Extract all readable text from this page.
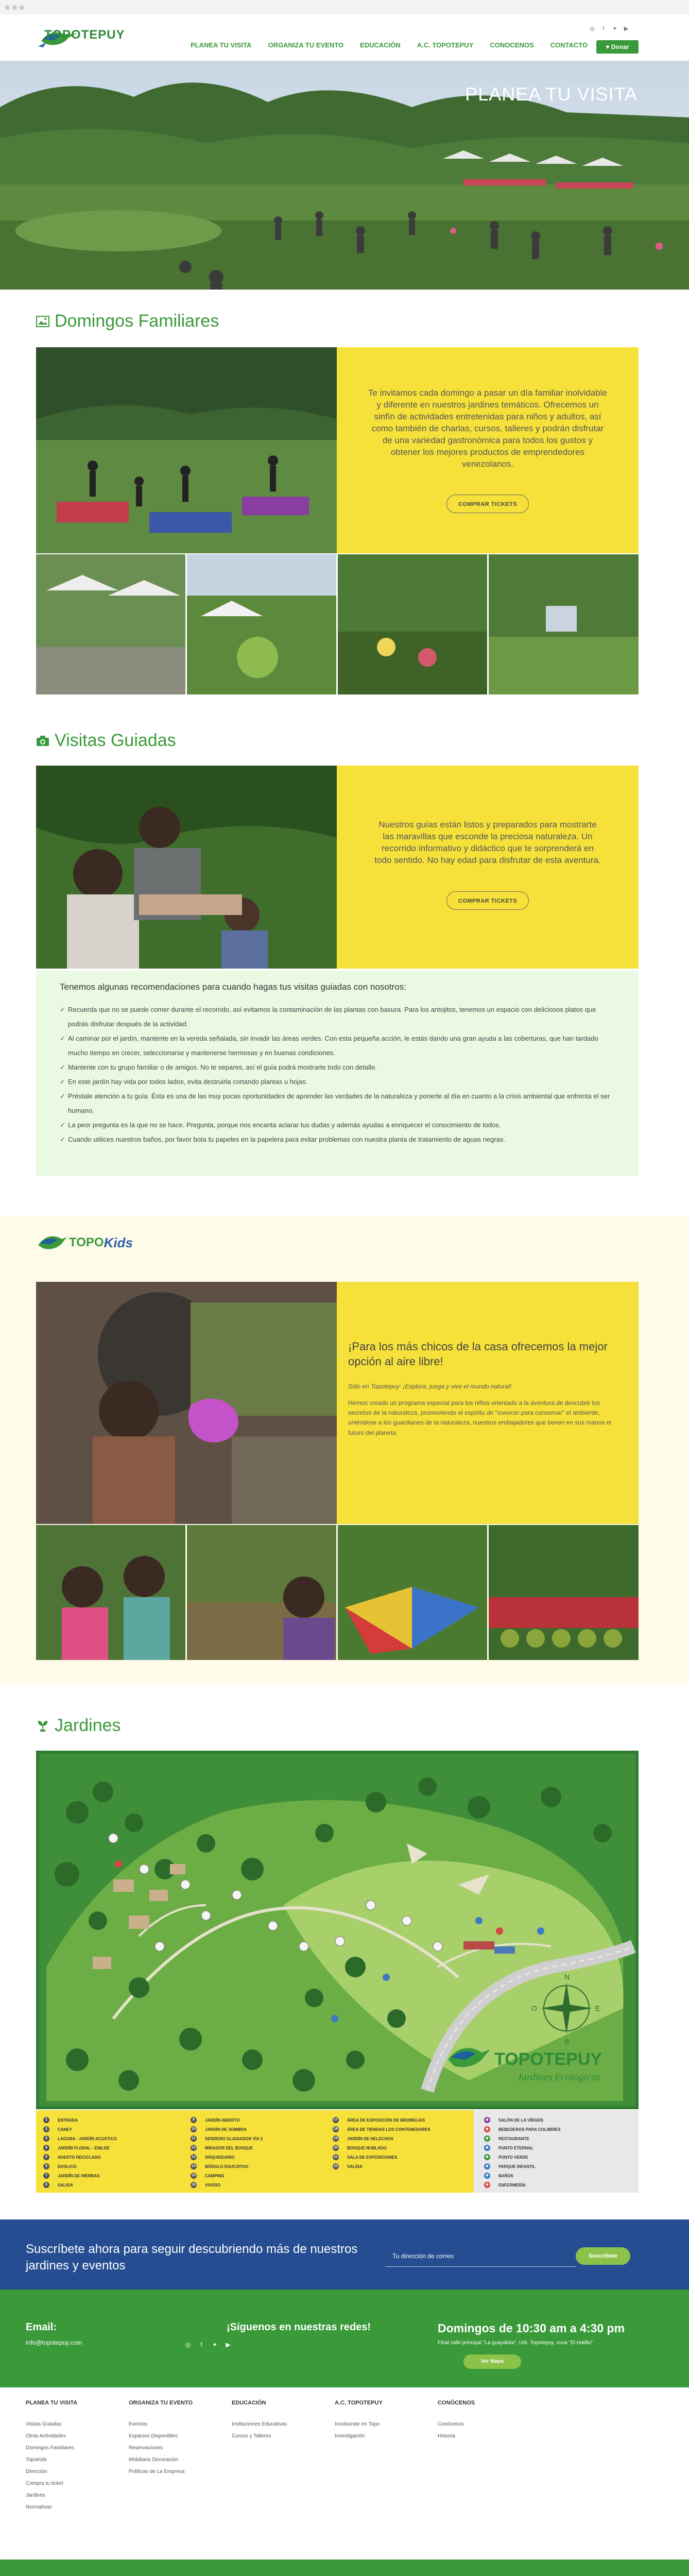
TOPOTEPUY
PLANEA TU VISITA ORGANIZA TU EVENTO EDUCACIÓN A.C. TOPOTEPUY CONOCENOS CONTACTO
◎	f	✦ ▶
♥ Donar
PLANEA TU VISITA
Domingos Familiares

Te invitamos cada domingo a pasar un día familiar inolvidable y diferente en nuestros jardines temáticos. Ofrecemos un sinfín de actividades entretenidas para niños y adultos, así como también de charlas, cursos, talleres y podrán disfrutar de una variedad gastronómica para todos los gustos y obtener los mejores productos de emprendedores venezolanos.

COMPRAR TICKETS
Visitas Guiadas

Nuestros guías están listos y preparados para mostrarte las maravillas que esconde la preciosa naturaleza. Un recorrido informativo y didáctico que te sorprenderá en todo sentido. No hay edad para disfrutar de esta aventura.

COMPRAR TICKETS
Tenemos algunas recomendaciones para cuando hagas tus visitas guiadas con nosotros:
✓ Recuerda que no se puede comer durante el recorrido, así evitamos la contaminación de las plantas con basura. Para los antojitos, tenemos un espacio con deliciosos platos que podrás disfrutar después de la actividad.
✓ Al caminar por el jardín, mantente en la vereda señalada, sin invadir las áreas verdes. Con esta pequeña acción, le estás dando una gran ayuda a las coberturas, que han tardado mucho tiempo en crecer, seleccionarse y mantenerse hermosas y en buenas condiciones.
✓ Mantente con tu grupo familiar o de amigos. No te separes, así el guía podrá mostrarte todo con detalle.
✓ En este jardín hay vida por todos lados, evita destruirla cortando plantas u hojas.
✓ Préstale atención a tu guía. Ésta es una de las muy pocas oportunidades de aprender las verdades de la naturaleza y ponerte al día en cuanto a la crisis ambiental que enfrenta el ser humano.
✓ La peor pregunta es la que no se hace. Pregunta, porque nos encanta aclarar tus dudas y además ayudas a enriquecer el conocimiento de todos.
✓ Cuando utilices nuestros baños, por favor bota tu papeles en la papelera para evitar problemas con nuestra planta de tratamiento de aguas negras.
TOPO Kids
¡Para los más chicos de la casa ofrecemos la mejor opción al aire libre!
Sólo en Topotepuy: ¡Explora, juega y vive el mundo natural!
Hemos creado un programa especial para los niños orientado a la aventura de descubrir los secretos de la naturaleza, promoviendo el espíritu de "conocer para conservar" el ambiente, uniéndose a los guardianes de la naturaleza, nuestros embajadores que tienen en sus manos el futuro del planeta.
Jardines
N
S
E
O
TOPOTEPUY
Jardines Ecológicos
1	ENTRADA
2	CANEY
3	LAGUNA - JARDÍN ACUÁTICO
4	JARDÍN FLORAL - ENILDE
5	HUERTO RECICLADO
6	DOSLICO
7	JARDÍN DE HIERBAS
8	SALIDA
9	JARDÍN ABIERTO
10 JARDÍN DE SOMBRA
11 SENDERO GLADIADOR VÍA 2
12 MIRADOR DEL BOSQUE
13 ORQUIDEARIO
14 MÓDULO EDUCATIVO
15 CAMPING
16 VIVERO
17 ÁREA DE EXPOSICIÓN DE BROMELIAS
18 ÁREA DE TIENDAS LOS CONTENEDORES
19 JARDÍN DE HELECHOS
20 BOSQUE NUBLADO
21 SALA DE EXPOSICIONES
22 SALIDA
◆	SALÓN DE LA VÍRGEN
◆	BEBEDEROS PARA COLIBRÍES
◆	RESTAURANTE
◆	PUNTO ETERNAL
◆	PUNTO VERDE
◆	PARQUE INFANTIL
◆	BAÑOS
◆	ENFERMERÍA
Suscríbete ahora para seguir descubriendo más de nuestros jardines y eventos
Tu dirección de correo	Suscríbete
Email:
info@topotepuy.com
¡Síguenos en nuestras redes!
◎	f	✦ ▶
Domingos de 10:30 am a 4:30 pm
Final calle principal "La guayabita", Urb. Topotepuy, zona "El Hatillo"
Ver Mapa
PLANEA TU VISITA
Visitas Guiadas
Otras Actividades
Domingos Familiares
TopoKids
Dirección
Compra tu ticket
Jardines
Normativas
ORGANIZA TU EVENTO
Eventos
Espacios Disponibles
Reservaciones
Mobiliario Decoración
Políticas de La Empresa
EDUCACIÓN
Instituciones Educativas
Cursos y Talleres
A.C. TOPOTEPUY
Involúcrate en Topo
Investigación
CONÓCENOS
Conócenos
Historia
